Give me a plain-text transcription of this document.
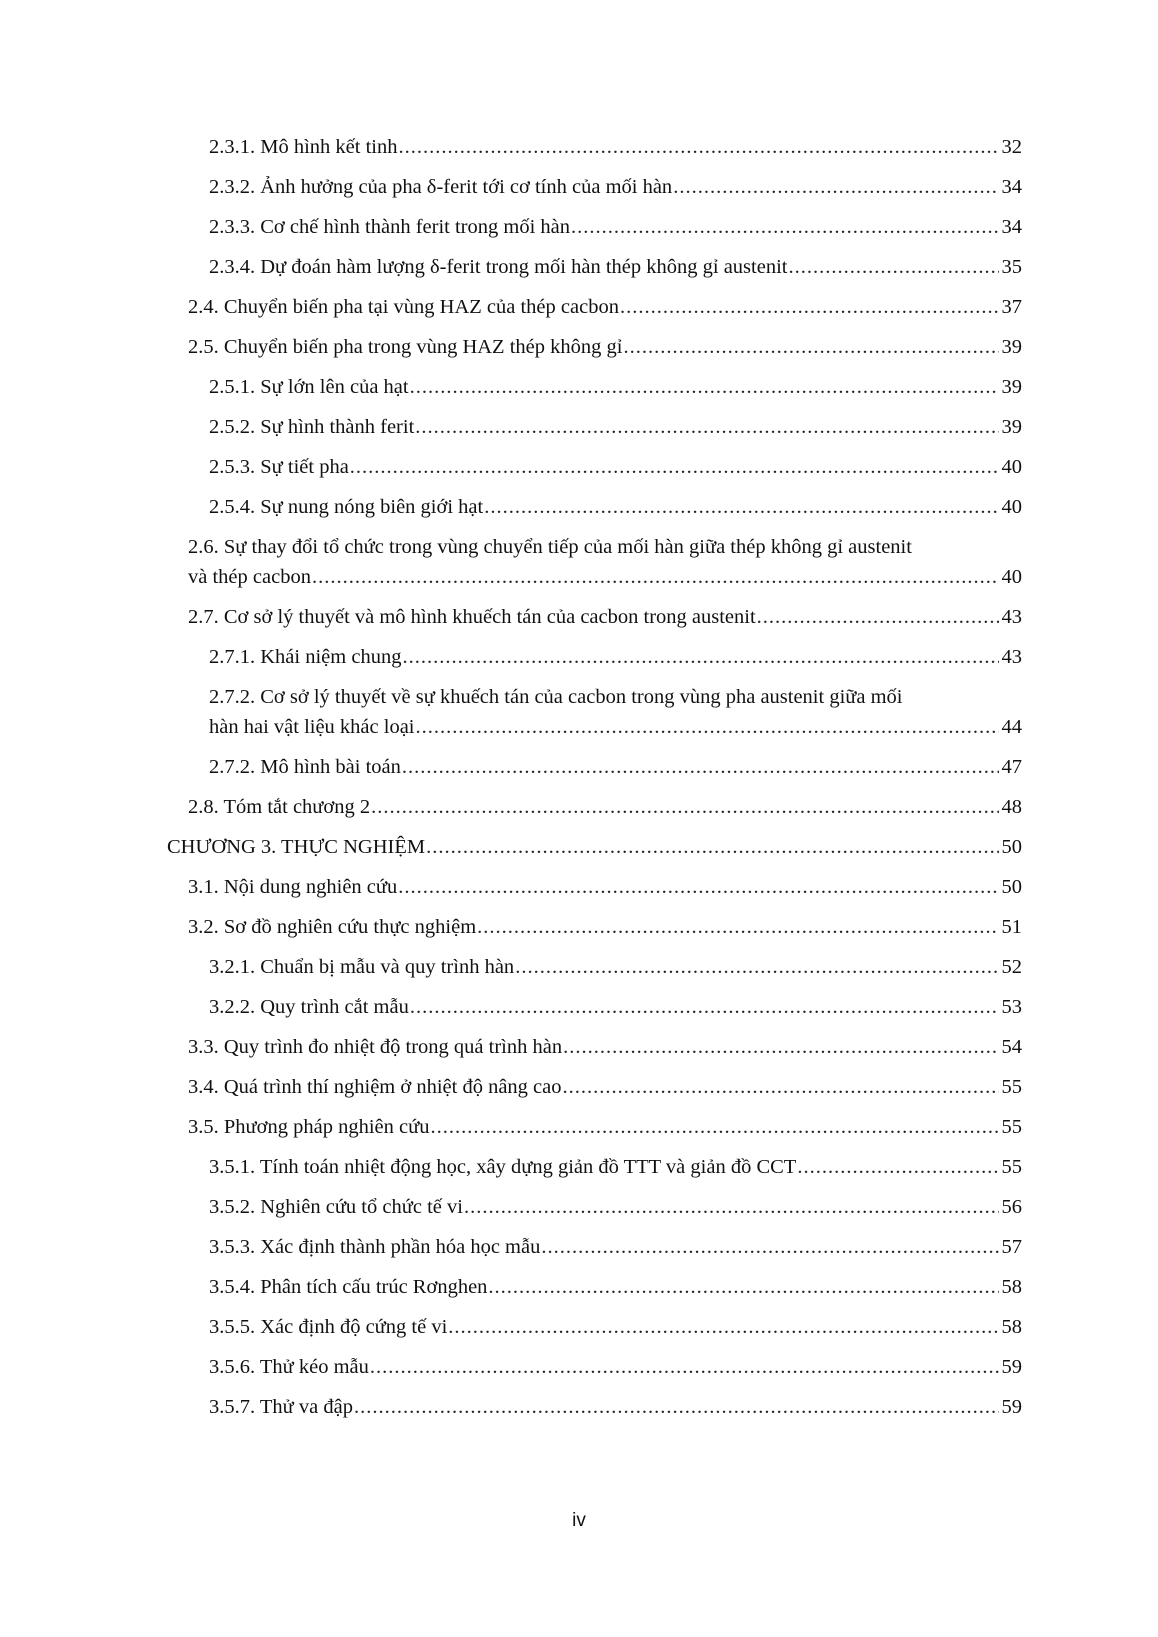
2.3.1. Mô hình kết tinh .....	32
2.3.2. Ảnh hưởng của pha δ-ferit tới cơ tính của mối hàn .....	34
2.3.3. Cơ chế hình thành ferit trong mối hàn .....	34
2.3.4. Dự đoán hàm lượng δ-ferit trong mối hàn thép không gỉ austenit .....	35
2.4. Chuyển biến pha tại vùng HAZ của thép cacbon .....	37
2.5. Chuyển biến pha trong vùng HAZ thép không gỉ .....	39
2.5.1. Sự lớn lên của hạt .....	39
2.5.2. Sự hình thành ferit .....	39
2.5.3. Sự tiết pha .....	40
2.5.4. Sự nung nóng biên giới hạt .....	40
2.6. Sự thay đổi tổ chức trong vùng chuyển tiếp của mối hàn giữa thép không gỉ austenit
và thép cacbon .....	40
2.7. Cơ sở lý thuyết và mô hình khuếch tán của cacbon trong austenit .....	43
2.7.1. Khái niệm chung .....	43
2.7.2. Cơ sở lý thuyết về sự khuếch tán của cacbon trong vùng pha austenit giữa mối
hàn hai vật liệu khác loại .....	44
2.7.2. Mô hình bài toán .....	47
2.8. Tóm tắt chương 2 .....	48
CHƯƠNG 3. THỰC NGHIỆM .....	50
3.1. Nội dung nghiên cứu .....	50
3.2. Sơ đồ nghiên cứu thực nghiệm .....	51
3.2.1. Chuẩn bị mẫu và quy trình hàn .....	52
3.2.2. Quy trình cắt mẫu .....	53
3.3. Quy trình đo nhiệt độ trong quá trình hàn .....	54
3.4. Quá trình thí nghiệm ở nhiệt độ nâng cao .....	55
3.5. Phương pháp nghiên cứu .....	55
3.5.1. Tính toán nhiệt động học, xây dựng giản đồ TTT và giản đồ CCT .....	55
3.5.2. Nghiên cứu tổ chức tế vi .....	56
3.5.3. Xác định thành phần hóa học mẫu .....	57
3.5.4. Phân tích cấu trúc Rơnghen .....	58
3.5.5. Xác định độ cứng tế vi .....	58
3.5.6. Thử kéo mẫu .....	59
3.5.7. Thử va đập .....	59
iv
